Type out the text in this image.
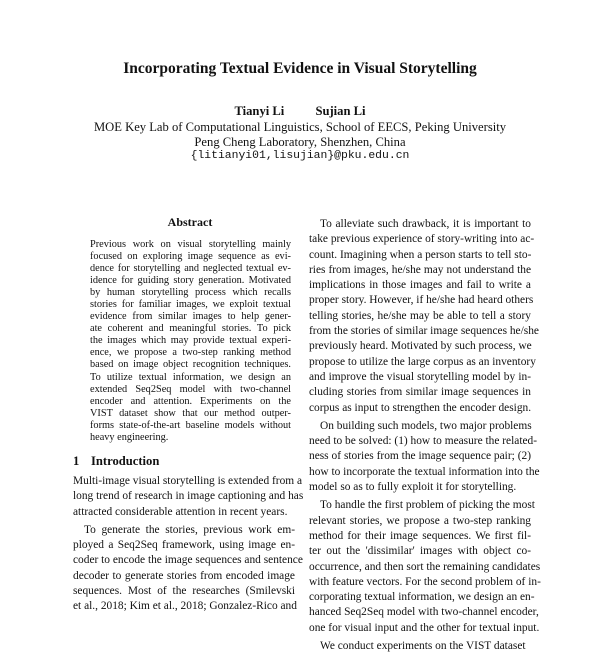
Incorporating Textual Evidence in Visual Storytelling
Tianyi Li Sujian Li
MOE Key Lab of Computational Linguistics, School of EECS, Peking University
Peng Cheng Laboratory, Shenzhen, China
{litianyi01,lisujian}@pku.edu.cn
Abstract
Previous work on visual storytelling mainly
focused on exploring image sequence as evi-
dence for storytelling and neglected textual ev-
idence for guiding story generation. Motivated
by human storytelling process which recalls
stories for familiar images, we exploit textual
evidence from similar images to help gener-
ate coherent and meaningful stories. To pick
the images which may provide textual experi-
ence, we propose a two-step ranking method
based on image object recognition techniques.
To utilize textual information, we design an
extended Seq2Seq model with two-channel
encoder and attention. Experiments on the
VIST dataset show that our method outper-
forms state-of-the-art baseline models without
heavy engineering.
1 Introduction
Multi-image visual storytelling is extended from a
long trend of research in image captioning and has
attracted considerable attention in recent years.
To generate the stories, previous work em-
ployed a Seq2Seq framework, using image en-
coder to encode the image sequences and sentence
decoder to generate stories from encoded image
sequences. Most of the researches (Smilevski
et al., 2018; Kim et al., 2018; Gonzalez-Rico and
To alleviate such drawback, it is important to
take previous experience of story-writing into ac-
count. Imagining when a person starts to tell sto-
ries from images, he/she may not understand the
implications in those images and fail to write a
proper story. However, if he/she had heard others
telling stories, he/she may be able to tell a story
from the stories of similar image sequences he/she
previously heard. Motivated by such process, we
propose to utilize the large corpus as an inventory
and improve the visual storytelling model by in-
cluding stories from similar image sequences in
corpus as input to strengthen the encoder design.
On building such models, two major problems
need to be solved: (1) how to measure the related-
ness of stories from the image sequence pair; (2)
how to incorporate the textual information into the
model so as to fully exploit it for storytelling.
To handle the first problem of picking the most
relevant stories, we propose a two-step ranking
method for their image sequences. We first fil-
ter out the 'dissimilar' images with object co-
occurrence, and then sort the remaining candidates
with feature vectors. For the second problem of in-
corporating textual information, we design an en-
hanced Seq2Seq model with two-channel encoder,
one for visual input and the other for textual input.
We conduct experiments on the VIST dataset
